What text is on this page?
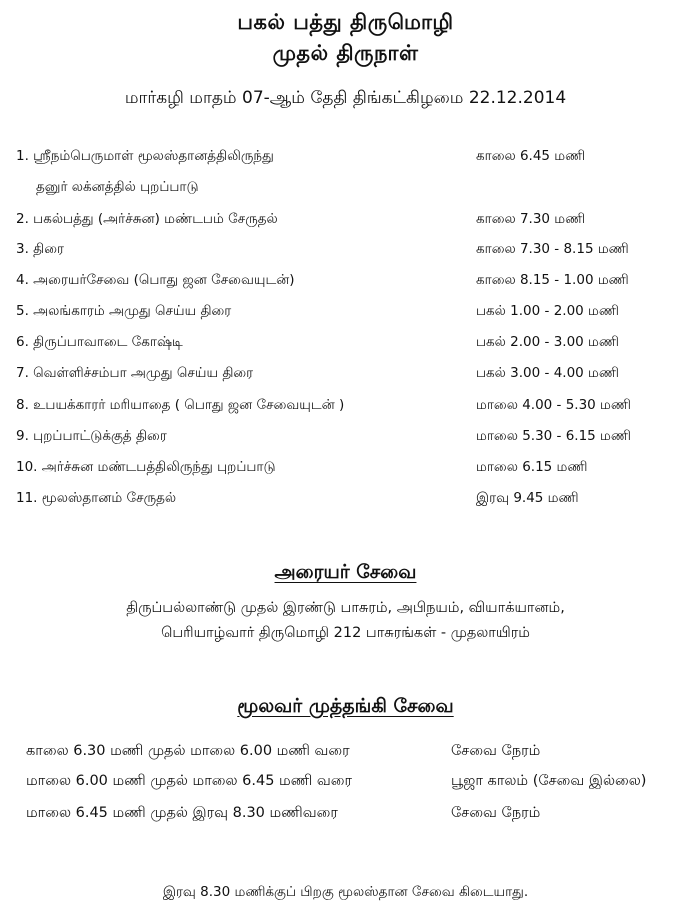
பகல் பத்து திருமொழி
முதல் திருநாள்
மார்கழி மாதம் 07-ஆம் தேதி திங்கட்கிழமை 22.12.2014
1. ஸ்ரீநம்பெருமாள் மூலஸ்தானத்திலிருந்து	காலை 6.45 மணி
தனுர் லக்னத்தில் புறப்பாடு
2. பகல்பத்து (அர்ச்சுன) மண்டபம் சேருதல்	காலை 7.30 மணி
3. திரை	காலை 7.30 - 8.15 மணி
4. அரையர்சேவை (பொது ஜன சேவையுடன்)	காலை 8.15 - 1.00 மணி
5. அலங்காரம் அமுது செய்ய திரை	பகல் 1.00 - 2.00 மணி
6. திருப்பாவாடை கோஷ்டி	பகல் 2.00 - 3.00 மணி
7. வெள்ளிச்சம்பா அமுது செய்ய திரை	பகல் 3.00 - 4.00 மணி
8. உபயக்காரர் மரியாதை ( பொது ஜன சேவையுடன் )	மாலை 4.00 - 5.30 மணி
9. புறப்பாட்டுக்குத் திரை	மாலை 5.30 - 6.15 மணி
10. அர்ச்சுன மண்டபத்திலிருந்து புறப்பாடு	மாலை 6.15 மணி
11. மூலஸ்தானம் சேருதல்	இரவு 9.45 மணி
அரையர் சேவை
திருப்பல்லாண்டு முதல் இரண்டு பாசுரம், அபிநயம், வியாக்யானம்,
பெரியாழ்வார் திருமொழி 212 பாசுரங்கள் - முதலாயிரம்
மூலவர் முத்தங்கி சேவை
காலை 6.30 மணி முதல் மாலை 6.00 மணி வரை	சேவை நேரம்
மாலை 6.00 மணி முதல் மாலை 6.45 மணி வரை	பூஜா காலம் (சேவை இல்லை)
மாலை 6.45 மணி முதல் இரவு 8.30 மணிவரை	சேவை நேரம்
இரவு 8.30 மணிக்குப் பிறகு மூலஸ்தான சேவை கிடையாது.
